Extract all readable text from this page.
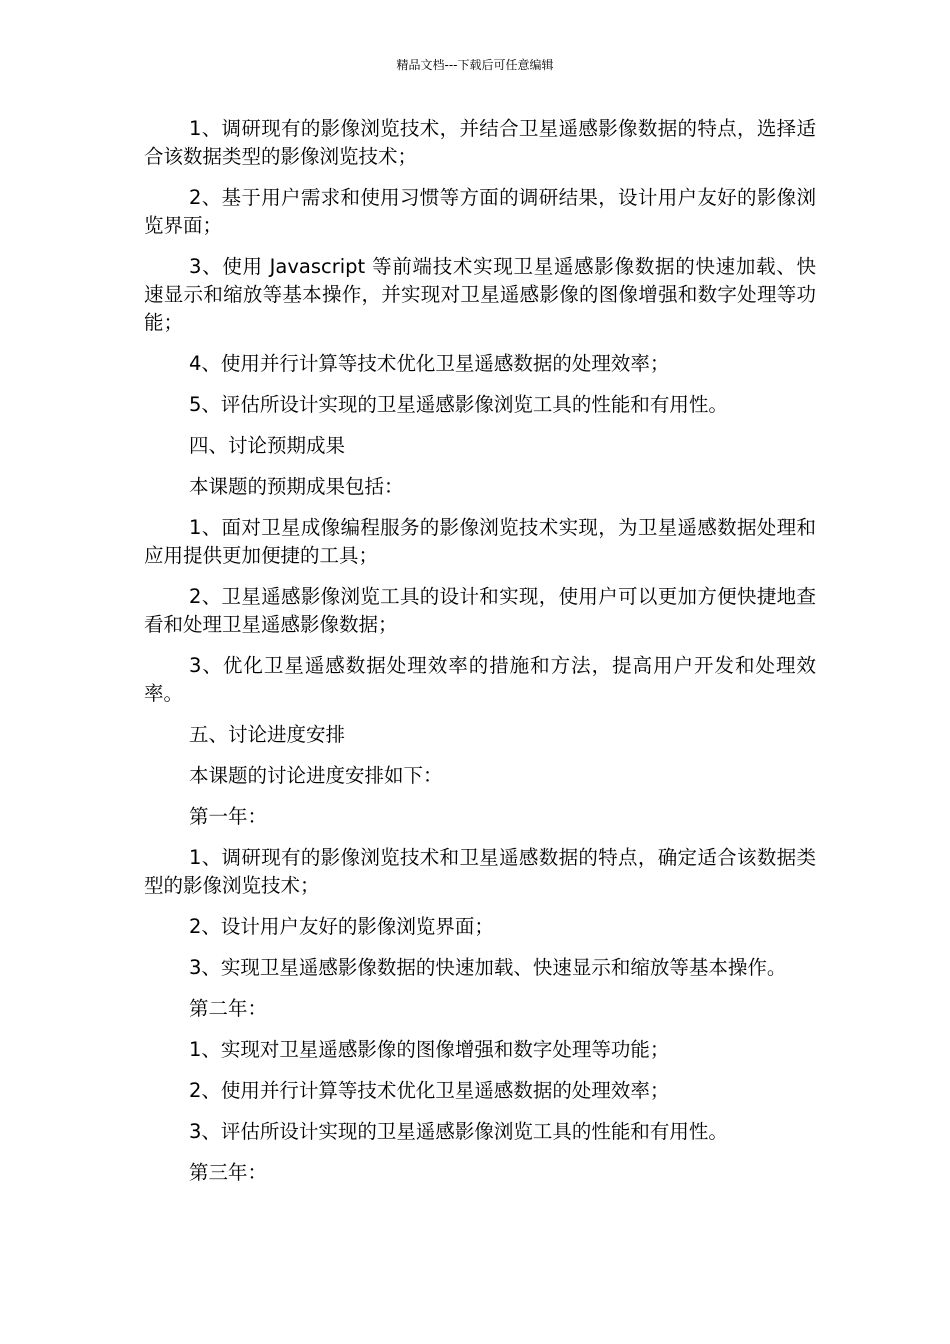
精品文档---下载后可任意编辑

1、调研现有的影像浏览技术，并结合卫星遥感影像数据的特点，选择适合该数据类型的影像浏览技术；

2、基于用户需求和使用习惯等方面的调研结果，设计用户友好的影像浏览界面；

3、使用 Javascript 等前端技术实现卫星遥感影像数据的快速加载、快速显示和缩放等基本操作，并实现对卫星遥感影像的图像增强和数字处理等功能；

4、使用并行计算等技术优化卫星遥感数据的处理效率；

5、评估所设计实现的卫星遥感影像浏览工具的性能和有用性。

四、讨论预期成果

本课题的预期成果包括：

1、面对卫星成像编程服务的影像浏览技术实现，为卫星遥感数据处理和应用提供更加便捷的工具；

2、卫星遥感影像浏览工具的设计和实现，使用户可以更加方便快捷地查看和处理卫星遥感影像数据；

3、优化卫星遥感数据处理效率的措施和方法，提高用户开发和处理效率。

五、讨论进度安排

本课题的讨论进度安排如下：

第一年：

1、调研现有的影像浏览技术和卫星遥感数据的特点，确定适合该数据类型的影像浏览技术；

2、设计用户友好的影像浏览界面；

3、实现卫星遥感影像数据的快速加载、快速显示和缩放等基本操作。

第二年：

1、实现对卫星遥感影像的图像增强和数字处理等功能；

2、使用并行计算等技术优化卫星遥感数据的处理效率；

3、评估所设计实现的卫星遥感影像浏览工具的性能和有用性。

第三年：
